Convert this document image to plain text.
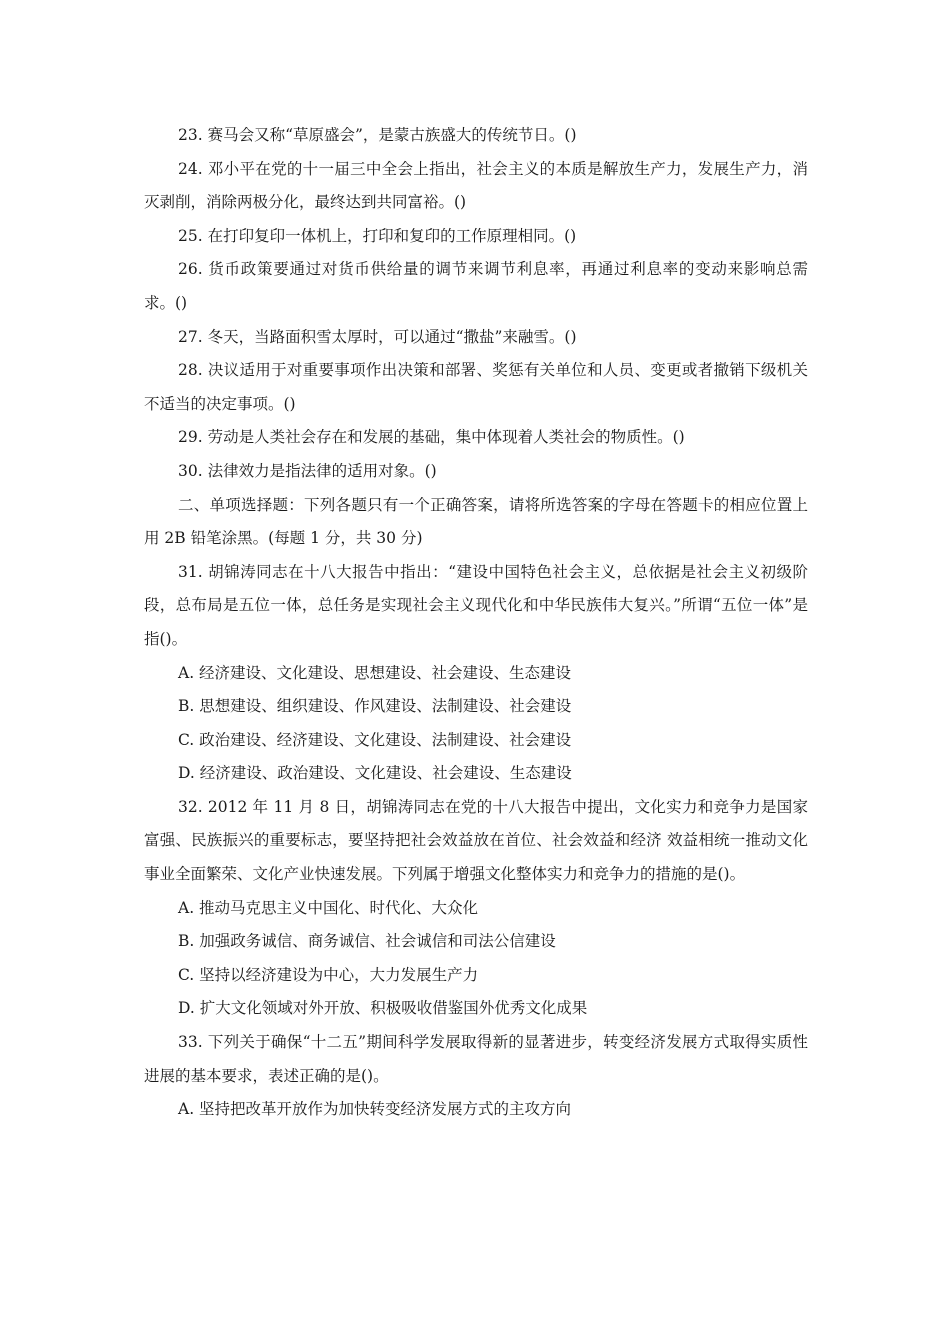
23. 赛马会又称“草原盛会”，是蒙古族盛大的传统节日。()

24. 邓小平在党的十一届三中全会上指出，社会主义的本质是解放生产力，发展生产力，消灭剥削，消除两极分化，最终达到共同富裕。()

25. 在打印复印一体机上，打印和复印的工作原理相同。()

26. 货币政策要通过对货币供给量的调节来调节利息率，再通过利息率的变动来影响总需求。()

27. 冬天，当路面积雪太厚时，可以通过“撒盐”来融雪。()

28. 决议适用于对重要事项作出决策和部署、奖惩有关单位和人员、变更或者撤销下级机关不适当的决定事项。()

29. 劳动是人类社会存在和发展的基础，集中体现着人类社会的物质性。()

30. 法律效力是指法律的适用对象。()

二、单项选择题：下列各题只有一个正确答案，请将所选答案的字母在答题卡的相应位置上用 2B 铅笔涂黑。(每题 1 分，共 30 分)

31. 胡锦涛同志在十八大报告中指出：“建设中国特色社会主义，总依据是社会主义初级阶段，总布局是五位一体，总任务是实现社会主义现代化和中华民族伟大复兴。”所谓“五位一体”是指()。

A. 经济建设、文化建设、思想建设、社会建设、生态建设

B. 思想建设、组织建设、作风建设、法制建设、社会建设

C. 政治建设、经济建设、文化建设、法制建设、社会建设

D. 经济建设、政治建设、文化建设、社会建设、生态建设

32. 2012 年 11 月 8 日，胡锦涛同志在党的十八大报告中提出，文化实力和竞争力是国家富强、民族振兴的重要标志，要坚持把社会效益放在首位、社会效益和经济 效益相统一推动文化事业全面繁荣、文化产业快速发展。下列属于增强文化整体实力和竞争力的措施的是()。

A. 推动马克思主义中国化、时代化、大众化

B. 加强政务诚信、商务诚信、社会诚信和司法公信建设

C. 坚持以经济建设为中心，大力发展生产力

D. 扩大文化领域对外开放、积极吸收借鉴国外优秀文化成果

33. 下列关于确保“十二五”期间科学发展取得新的显著进步，转变经济发展方式取得实质性进展的基本要求，表述正确的是()。

A. 坚持把改革开放作为加快转变经济发展方式的主攻方向
